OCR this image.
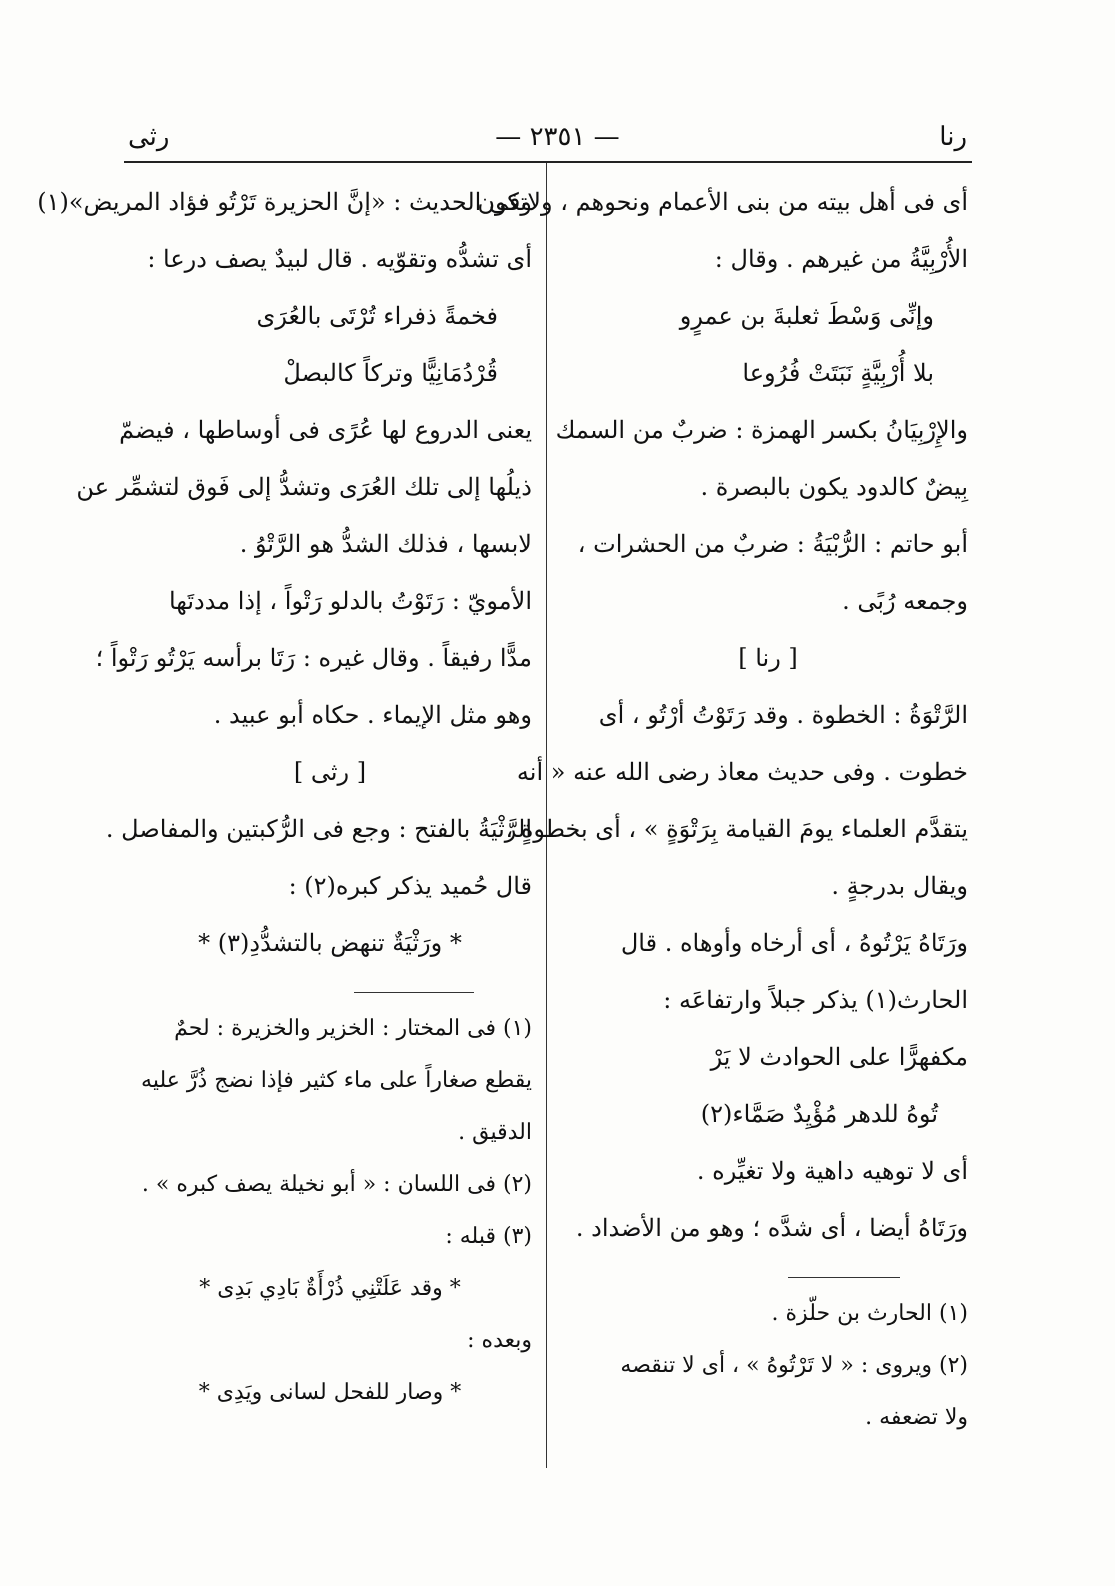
رثى	— ٢٣٥١ —	رنا
أى فى أهل بيته من بنى الأعمام ونحوهم ، ولاتكون
الأُرْبِيَّةُ من غيرهم . وقال :
وإنِّى وَسْطَ ثعلبةَ بن عمرٍو
بلا أُرْبِيَّةٍ نَبَتَتْ فُرُوعا
والإِرْبِيَانُ بكسر الهمزة : ضربٌ من السمك
بِيضٌ كالدود يكون بالبصرة .
أبو حاتم : الرُّبْيَةُ : ضربٌ من الحشرات ،
وجمعه رُبًى .
[ رنا ]
الرَّتْوَةُ : الخطوة . وقد رَتَوْتُ أرْتُو ، أى
خطوت . وفى حديث معاذ رضى الله عنه « أنه
يتقدَّم العلماء يومَ القيامة بِرَتْوَةٍ » ، أى بخطوةٍ ،
ويقال بدرجةٍ .
ورَتَاهُ يَرْتُوهُ ، أى أرخاه وأوهاه . قال
الحارث(١) يذكر جبلاً وارتفاعَه :
مكفهرًّا على الحوادث لا يَرْ
تُوهُ للدهر مُؤْيِدٌ صَمَّاء(٢)
أى لا توهيه داهية ولا تغيِّره .
ورَتَاهُ أيضا ، أى شدَّه ؛ وهو من الأضداد .
(١) الحارث بن حلّزة .
(٢) ويروى : « لا تَرْتُوهُ » ، أى لا تنقصه
ولا تضعفه .
وفى الحديث : «إنَّ الحزيرة تَرْتُو فؤاد المريض»(١)
أى تشدُّه وتقوّيه . قال لبيدٌ يصف درعا :
فخمةً ذفراء تُرْتَى بالعُرَى
قُرْدُمَانِيًّا وتركاً كالبصلْ
يعنى الدروع لها عُرًى فى أوساطها ، فيضمّ
ذيلُها إلى تلك العُرَى وتشدُّ إلى فَوق لتشمِّر عن
لابسها ، فذلك الشدُّ هو الرَّتْوُ .
الأمويّ : رَتَوْتُ بالدلو رَتْواً ، إذا مددتَها
مدًّا رفيقاً . وقال غيره : رَتَا برأسه يَرْتُو رَتْواً ؛
وهو مثل الإيماء . حكاه أبو عبيد .
[ رثى ]
الرَّثْيَةُ بالفتح : وجع فى الرُّكبتين والمفاصل .
قال حُميد يذكر كبره(٢) :
* ورَثْيَةٌ تنهض بالتشدُّدِ(٣) *
(١) فى المختار : الخزير والخزيرة : لحمٌ
يقطع صغاراً على ماء كثير فإذا نضج ذُرَّ عليه
الدقيق .
(٢) فى اللسان : « أبو نخيلة يصف كبره » .
(٣) قبله :
* وقد عَلَتْنِي ذُرْأَةٌ بَادِي بَدِى *
وبعده :
* وصار للفحل لسانى ويَدِى *
